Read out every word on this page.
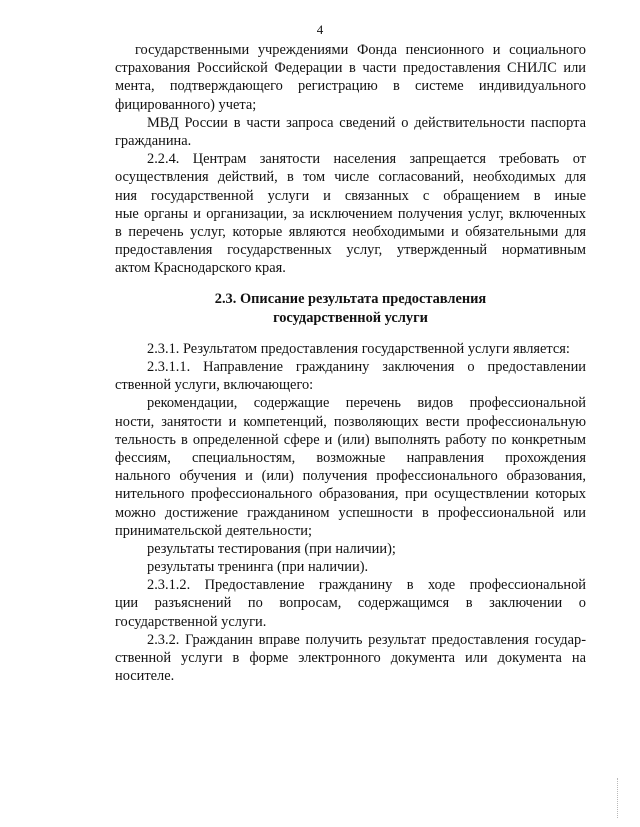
4
государственными учреждениями Фонда пенсионного и социального
страхования Российской Федерации в части предоставления СНИЛС или
мента, подтверждающего регистрацию в системе индивидуального
фицированного) учета;
МВД России в части запроса сведений о действительности паспорта
гражданина.
2.2.4. Центрам занятости населения запрещается требовать от
осуществления действий, в том числе согласований, необходимых для
ния государственной услуги и связанных с обращением в иные
ные органы и организации, за исключением получения услуг, включенных
в перечень услуг, которые являются необходимыми и обязательными для
предоставления государственных услуг, утвержденный нормативным
актом Краснодарского края.
2.3. Описание результата предоставления
государственной услуги
2.3.1. Результатом предоставления государственной услуги является:
2.3.1.1. Направление гражданину заключения о предоставлении
ственной услуги, включающего:
рекомендации, содержащие перечень видов профессиональной
ности, занятости и компетенций, позволяющих вести профессиональную
тельность в определенной сфере и (или) выполнять работу по конкретным
фессиям, специальностям, возможные направления прохождения
нального обучения и (или) получения профессионального образования,
нительного профессионального образования, при осуществлении которых
можно достижение гражданином успешности в профессиональной или
принимательской деятельности;
результаты тестирования (при наличии);
результаты тренинга (при наличии).
2.3.1.2. Предоставление гражданину в ходе профессиональной
ции разъяснений по вопросам, содержащимся в заключении о
государственной услуги.
2.3.2. Гражданин вправе получить результат предоставления государ-
ственной услуги в форме электронного документа или документа на
носителе.
